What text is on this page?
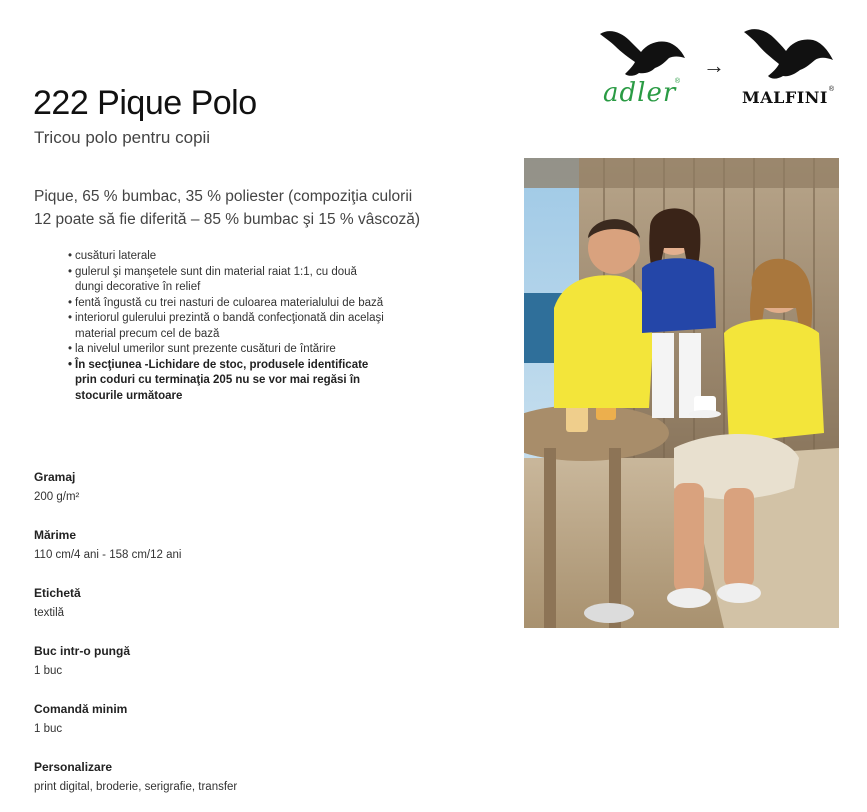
222 Pique Polo
Tricou polo pentru copii
adler
®
→
MALFINI ®
Pique, 65 % bumbac, 35 % poliester (compoziţia culorii 12 poate să fie diferită – 85 % bumbac şi 15 % vâscoză)
• cusături laterale
• gulerul şi manşetele sunt din material raiat 1:1, cu două dungi decorative în relief
• fentă îngustă cu trei nasturi de culoarea materialului de bază
• interiorul gulerului prezintă o bandă confecţionată din acelaşi material precum cel de bază
• la nivelul umerilor sunt prezente cusături de întărire
• În secţiunea -Lichidare de stoc, produsele identificate prin coduri cu terminaţia 205 nu se vor mai regăsi în stocurile următoare
Gramaj
200 g/m²
Mărime
110 cm/4 ani - 158 cm/12 ani
Etichetă
textilă
Buc intr-o pungă
1 buc
Comandă minim
1 buc
Personalizare
print digital, broderie, serigrafie, transfer
